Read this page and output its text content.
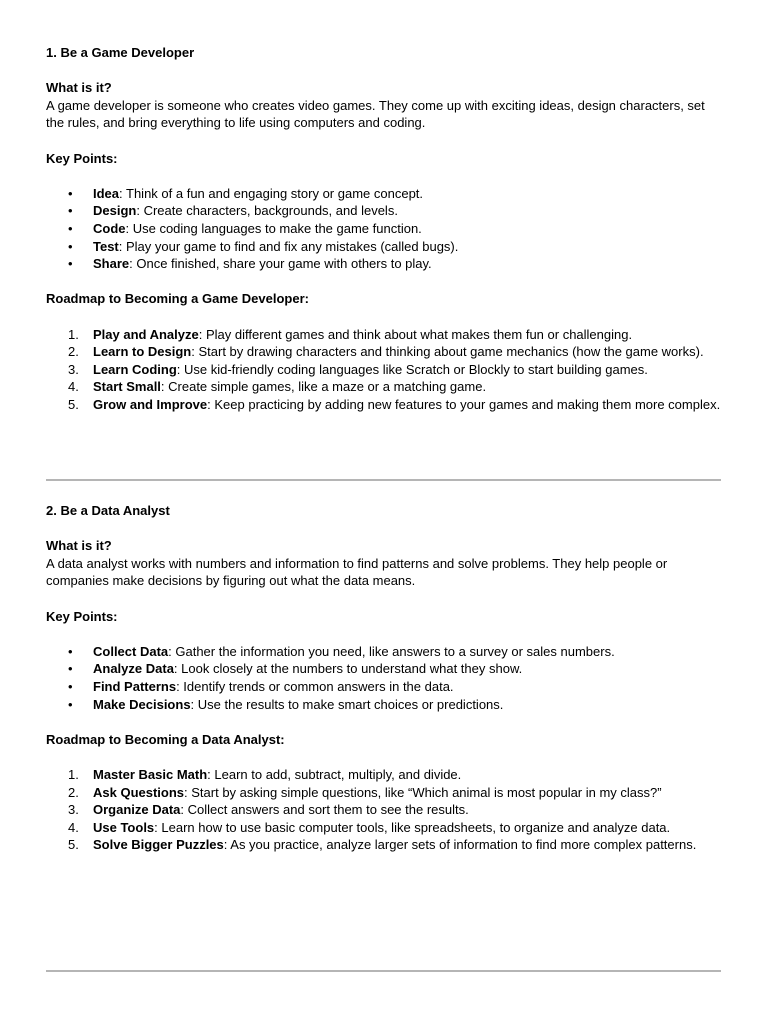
1. Be a Game Developer

What is it?

A game developer is someone who creates video games. They come up with exciting ideas, design characters, set the rules, and bring everything to life using computers and coding.

Key Points:

•	Idea: Think of a fun and engaging story or game concept.
•	Design: Create characters, backgrounds, and levels.
•	Code: Use coding languages to make the game function.
•	Test: Play your game to find and fix any mistakes (called bugs).
•	Share: Once finished, share your game with others to play.

Roadmap to Becoming a Game Developer:

1.	Play and Analyze: Play different games and think about what makes them fun or challenging.
2.	Learn to Design: Start by drawing characters and thinking about game mechanics (how the game works).
3.	Learn Coding: Use kid-friendly coding languages like Scratch or Blockly to start building games.
4.	Start Small: Create simple games, like a maze or a matching game.
5.	Grow and Improve: Keep practicing by adding new features to your games and making them more complex.

2. Be a Data Analyst

What is it?

A data analyst works with numbers and information to find patterns and solve problems. They help people or companies make decisions by figuring out what the data means.

Key Points:

•	Collect Data: Gather the information you need, like answers to a survey or sales numbers.
•	Analyze Data: Look closely at the numbers to understand what they show.
•	Find Patterns: Identify trends or common answers in the data.
•	Make Decisions: Use the results to make smart choices or predictions.

Roadmap to Becoming a Data Analyst:

1.	Master Basic Math: Learn to add, subtract, multiply, and divide.
2.	Ask Questions: Start by asking simple questions, like “Which animal is most popular in my class?”
3.	Organize Data: Collect answers and sort them to see the results.
4.	Use Tools: Learn how to use basic computer tools, like spreadsheets, to organize and analyze data.
5.	Solve Bigger Puzzles: As you practice, analyze larger sets of information to find more complex patterns.
